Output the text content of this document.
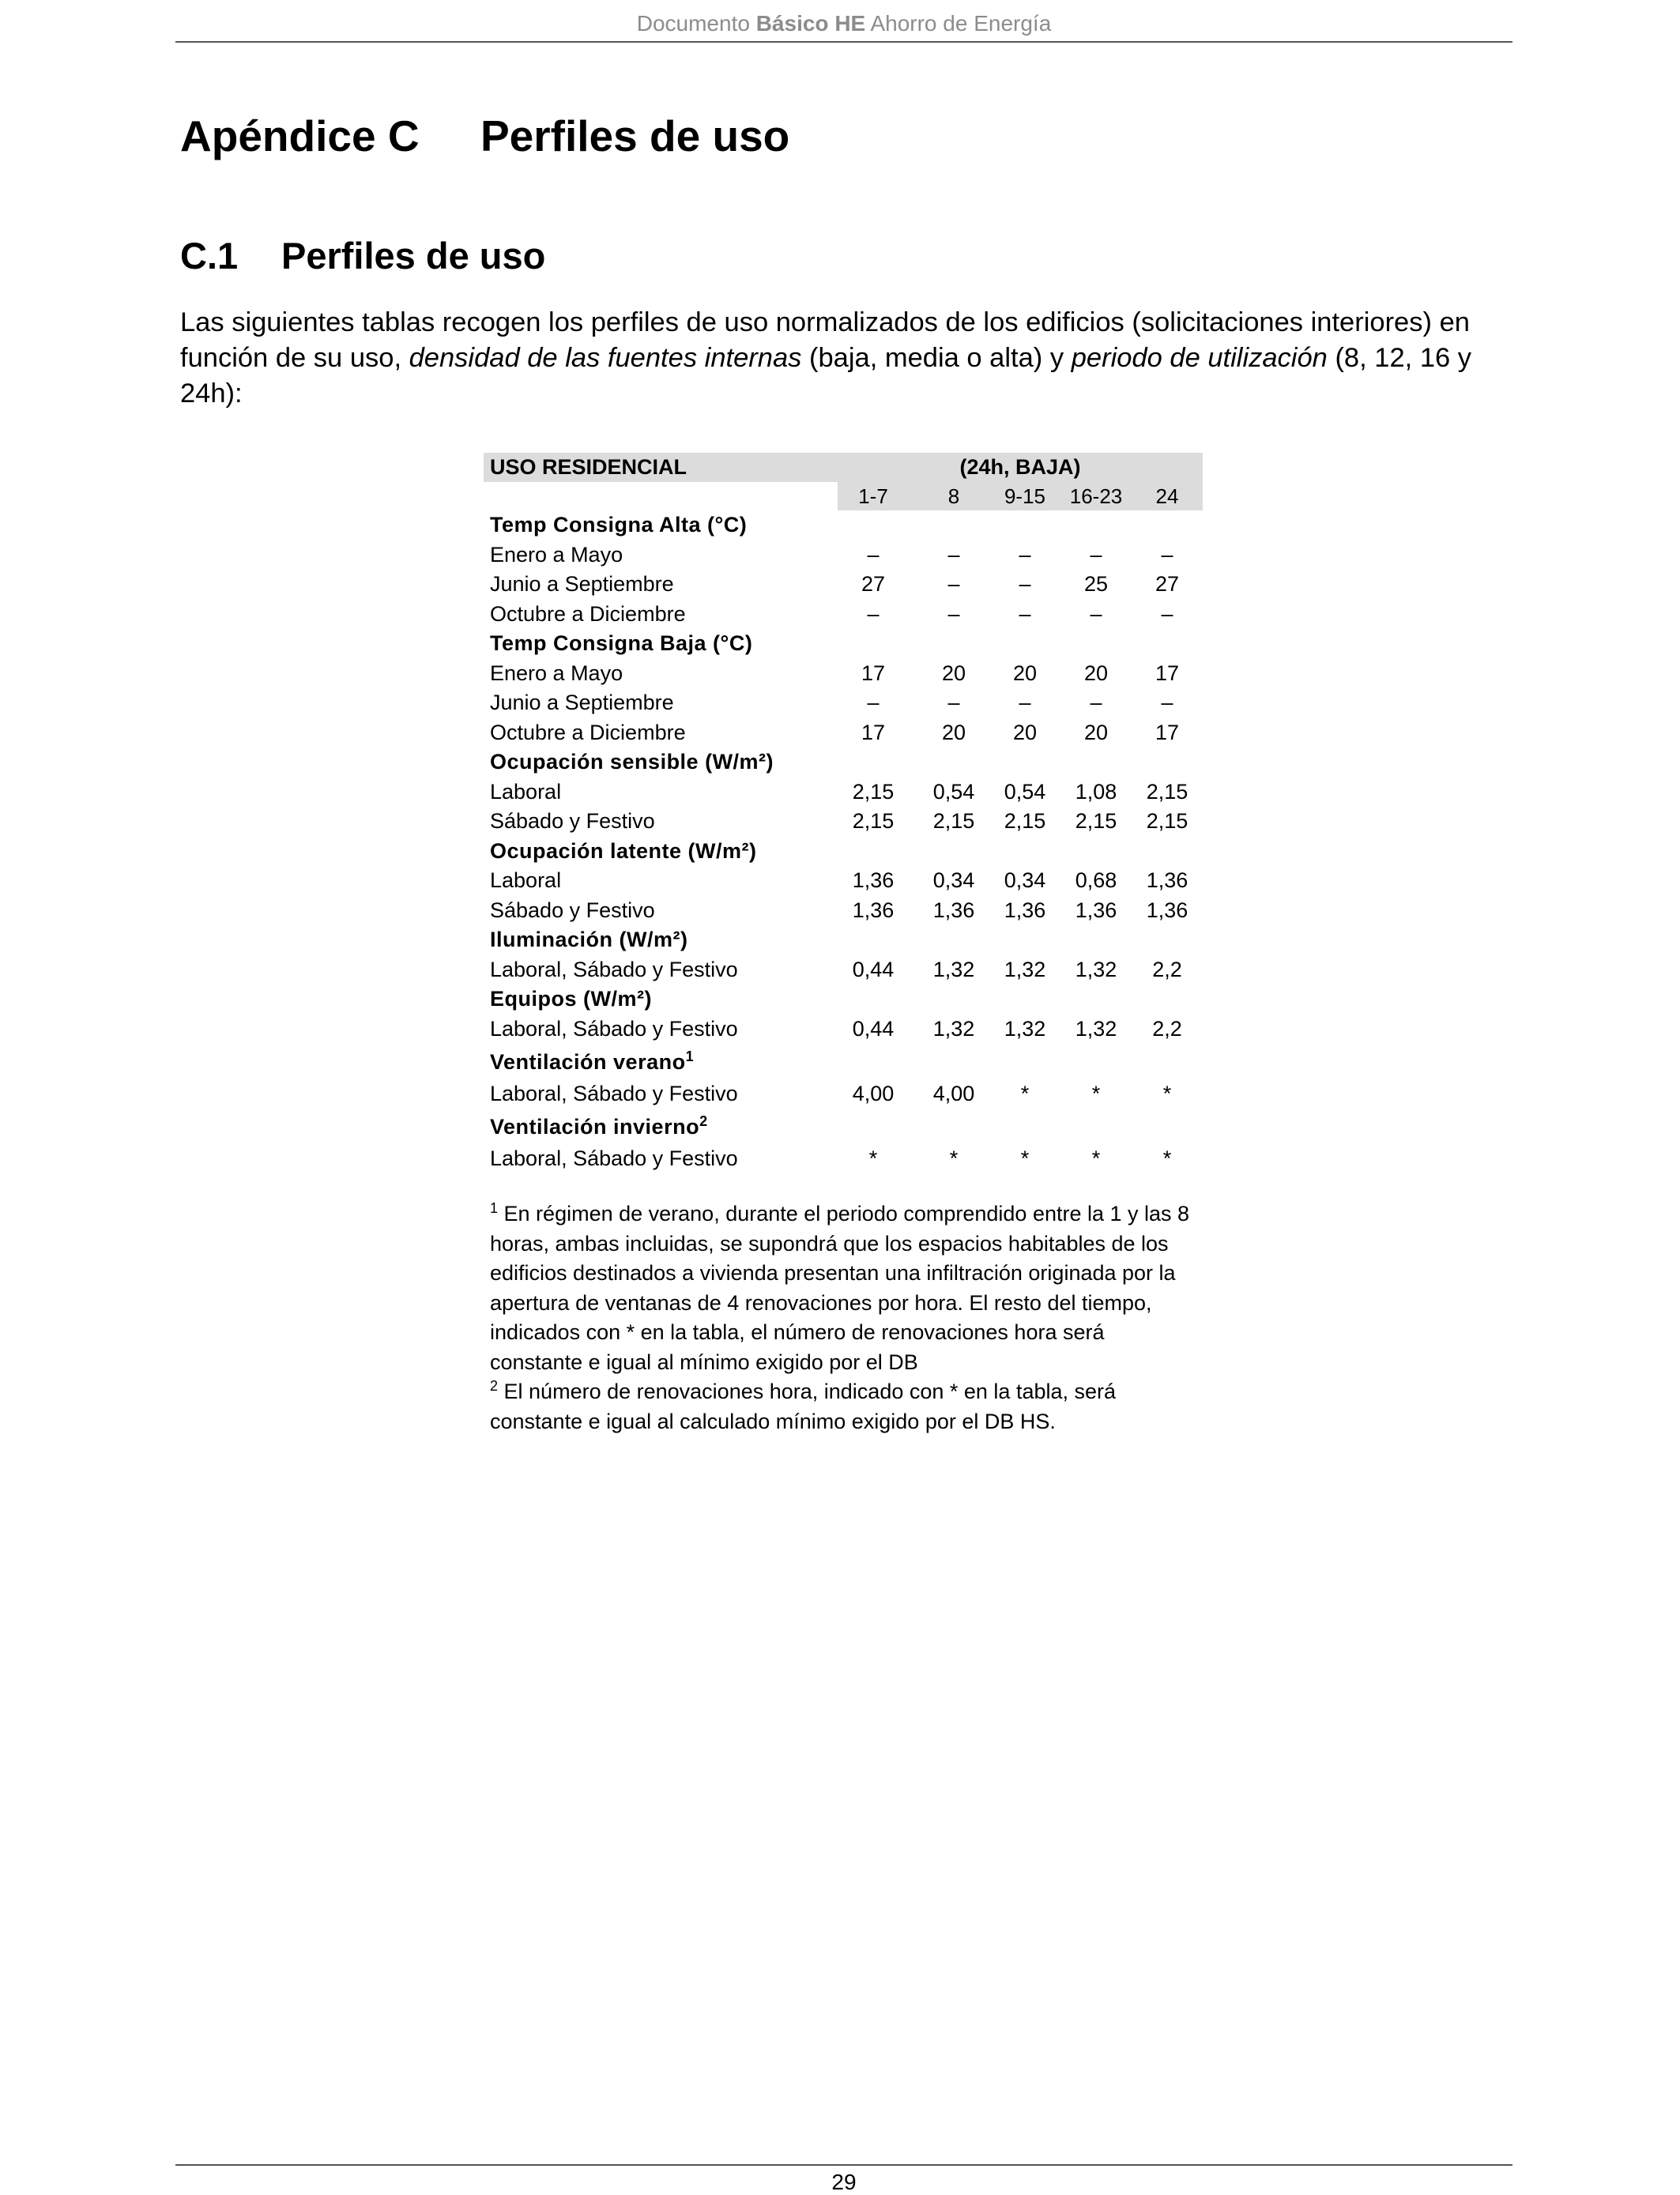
Documento Básico HE Ahorro de Energía
Apéndice C Perfiles de uso
C.1 Perfiles de uso
Las siguientes tablas recogen los perfiles de uso normalizados de los edificios (solicitaciones interiores) en función de su uso, densidad de las fuentes internas (baja, media o alta) y periodo de utilización (8, 12, 16 y 24h):
USO RESIDENCIAL	(24h, BAJA)
1-7	8	9-15	16-23	24
Temp Consigna Alta (°C)
Enero a Mayo	–	–	–	–	–
Junio a Septiembre	27	–	–	25	27
Octubre a Diciembre	–	–	–	–	–
Temp Consigna Baja (°C)
Enero a Mayo	17	20	20	20	17
Junio a Septiembre	–	–	–	–	–
Octubre a Diciembre	17	20	20	20	17
Ocupación sensible (W/m²)
Laboral	2,15	0,54	0,54	1,08	2,15
Sábado y Festivo	2,15	2,15	2,15	2,15	2,15
Ocupación latente (W/m²)
Laboral	1,36	0,34	0,34	0,68	1,36
Sábado y Festivo	1,36	1,36	1,36	1,36	1,36
Iluminación (W/m²)
Laboral, Sábado y Festivo	0,44	1,32	1,32	1,32	2,2
Equipos (W/m²)
Laboral, Sábado y Festivo	0,44	1,32	1,32	1,32	2,2
Ventilación verano$^1$
Laboral, Sábado y Festivo	4,00	4,00	*	*	*
Ventilación invierno$^2$
Laboral, Sábado y Festivo	*	*	*	*	*

$^1$ En régimen de verano, durante el periodo comprendido entre la 1 y las 8 horas, ambas incluidas, se supondrá que los espacios habitables de los edificios destinados a vivienda presentan una infiltración originada por la apertura de ventanas de 4 renovaciones por hora. El resto del tiempo, indicados con * en la tabla, el número de renovaciones hora será constante e igual al mínimo exigido por el DB

$^2$ El número de renovaciones hora, indicado con * en la tabla, será constante e igual al calculado mínimo exigido por el DB HS.

29
